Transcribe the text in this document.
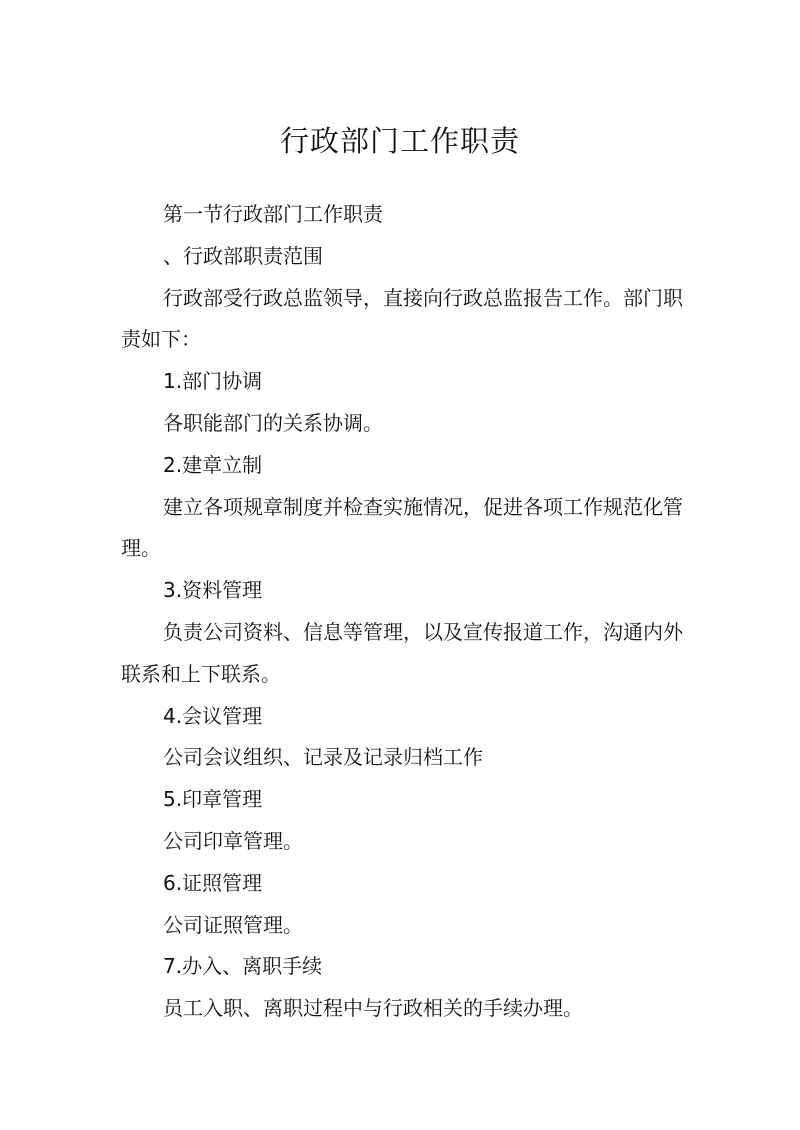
行政部门工作职责

第一节行政部门工作职责

、行政部职责范围

行政部受行政总监领导，直接向行政总监报告工作。部门职责如下：

1.部门协调

各职能部门的关系协调。

2.建章立制

建立各项规章制度并检查实施情况，促进各项工作规范化管理。

3.资料管理

负责公司资料、信息等管理，以及宣传报道工作，沟通内外联系和上下联系。

4.会议管理

公司会议组织、记录及记录归档工作

5.印章管理

公司印章管理。

6.证照管理

公司证照管理。

7.办入、离职手续

员工入职、离职过程中与行政相关的手续办理。
